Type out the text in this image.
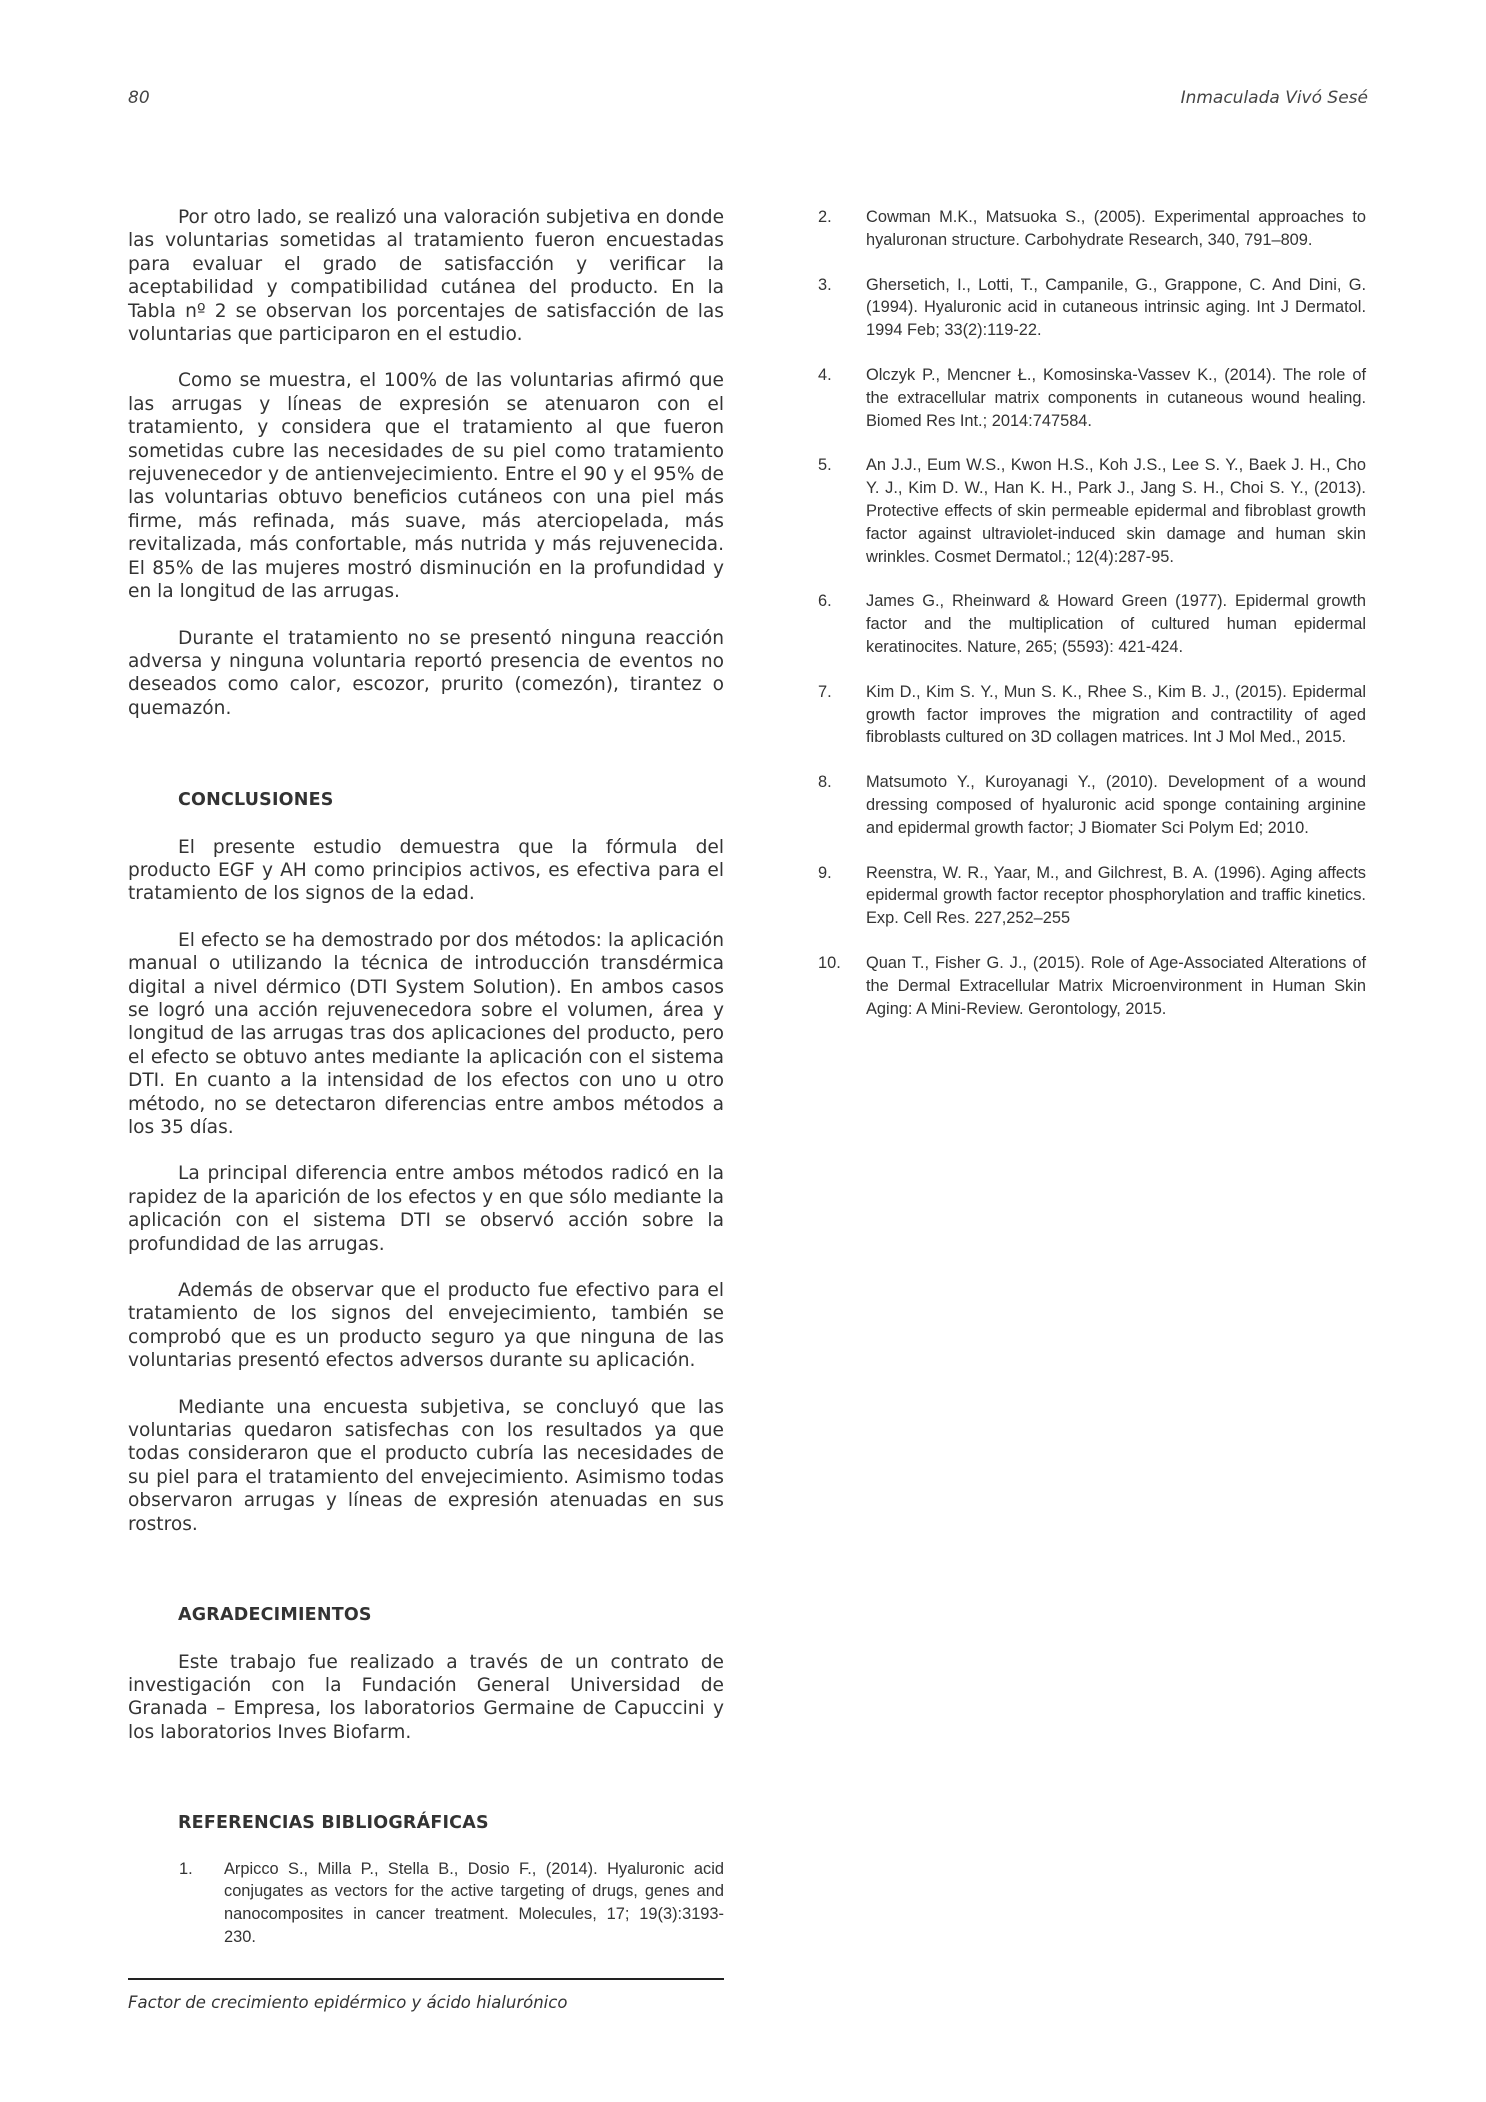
80	Inmaculada Vivó Sesé

Por otro lado, se realizó una valoración subjetiva en donde las voluntarias sometidas al tratamiento fueron encuestadas para evaluar el grado de satisfacción y verificar la aceptabilidad y compatibilidad cutánea del producto. En la Tabla nº 2 se observan los porcentajes de satisfacción de las voluntarias que participaron en el estudio.

Como se muestra, el 100% de las voluntarias afirmó que las arrugas y líneas de expresión se atenuaron con el tratamiento, y considera que el tratamiento al que fueron sometidas cubre las necesidades de su piel como tratamiento rejuvenecedor y de antienvejecimiento. Entre el 90 y el 95% de las voluntarias obtuvo beneficios cutáneos con una piel más firme, más refinada, más suave, más aterciopelada, más revitalizada, más confortable, más nutrida y más rejuvenecida. El 85% de las mujeres mostró disminución en la profundidad y en la longitud de las arrugas.

Durante el tratamiento no se presentó ninguna reacción adversa y ninguna voluntaria reportó presencia de eventos no deseados como calor, escozor, prurito (comezón), tirantez o quemazón.

CONCLUSIONES

El presente estudio demuestra que la fórmula del producto EGF y AH como principios activos, es efectiva para el tratamiento de los signos de la edad.

El efecto se ha demostrado por dos métodos: la aplicación manual o utilizando la técnica de introducción transdérmica digital a nivel dérmico (DTI System Solution). En ambos casos se logró una acción rejuvenecedora sobre el volumen, área y longitud de las arrugas tras dos aplicaciones del producto, pero el efecto se obtuvo antes mediante la aplicación con el sistema DTI. En cuanto a la intensidad de los efectos con uno u otro método, no se detectaron diferencias entre ambos métodos a los 35 días.

La principal diferencia entre ambos métodos radicó en la rapidez de la aparición de los efectos y en que sólo mediante la aplicación con el sistema DTI se observó acción sobre la profundidad de las arrugas.

Además de observar que el producto fue efectivo para el tratamiento de los signos del envejecimiento, también se comprobó que es un producto seguro ya que ninguna de las voluntarias presentó efectos adversos durante su aplicación.

Mediante una encuesta subjetiva, se concluyó que las voluntarias quedaron satisfechas con los resultados ya que todas consideraron que el producto cubría las necesidades de su piel para el tratamiento del envejecimiento. Asimismo todas observaron arrugas y líneas de expresión atenuadas en sus rostros.

AGRADECIMIENTOS

Este trabajo fue realizado a través de un contrato de investigación con la Fundación General Universidad de Granada – Empresa, los laboratorios Germaine de Capuccini y los laboratorios Inves Biofarm.

REFERENCIAS BIBLIOGRÁFICAS
1. Arpicco S., Milla P., Stella B., Dosio F., (2014). Hyaluronic acid conjugates as vectors for the active targeting of drugs, genes and nanocomposites in cancer treatment. Molecules, 17; 19(3):3193-230.
2. Cowman M.K., Matsuoka S., (2005). Experimental approaches to hyaluronan structure. Carbohydrate Research, 340, 791–809.
3. Ghersetich, I., Lotti, T., Campanile, G., Grappone, C. And Dini, G. (1994). Hyaluronic acid in cutaneous intrinsic aging. Int J Dermatol. 1994 Feb; 33(2):119-22.
4. Olczyk P., Mencner Ł., Komosinska-Vassev K., (2014). The role of the extracellular matrix components in cutaneous wound healing. Biomed Res Int.; 2014:747584.
5. An J.J., Eum W.S., Kwon H.S., Koh J.S., Lee S. Y., Baek J. H., Cho Y. J., Kim D. W., Han K. H., Park J., Jang S. H., Choi S. Y., (2013). Protective effects of skin permeable epidermal and fibroblast growth factor against ultraviolet-induced skin damage and human skin wrinkles. Cosmet Dermatol.; 12(4):287-95.
6. James G., Rheinward & Howard Green (1977). Epidermal growth factor and the multiplication of cultured human epidermal keratinocites. Nature, 265; (5593): 421-424.
7. Kim D., Kim S. Y., Mun S. K., Rhee S., Kim B. J., (2015). Epidermal growth factor improves the migration and contractility of aged fibroblasts cultured on 3D collagen matrices. Int J Mol Med., 2015.
8. Matsumoto Y., Kuroyanagi Y., (2010). Development of a wound dressing composed of hyaluronic acid sponge containing arginine and epidermal growth factor; J Biomater Sci Polym Ed; 2010.
9. Reenstra, W. R., Yaar, M., and Gilchrest, B. A. (1996). Aging affects epidermal growth factor receptor phosphorylation and traffic kinetics. Exp. Cell Res. 227,252–255
10. Quan T., Fisher G. J., (2015). Role of Age-Associated Alterations of the Dermal Extracellular Matrix Microenvironment in Human Skin Aging: A Mini-Review. Gerontology, 2015.
Factor de crecimiento epidérmico y ácido hialurónico
